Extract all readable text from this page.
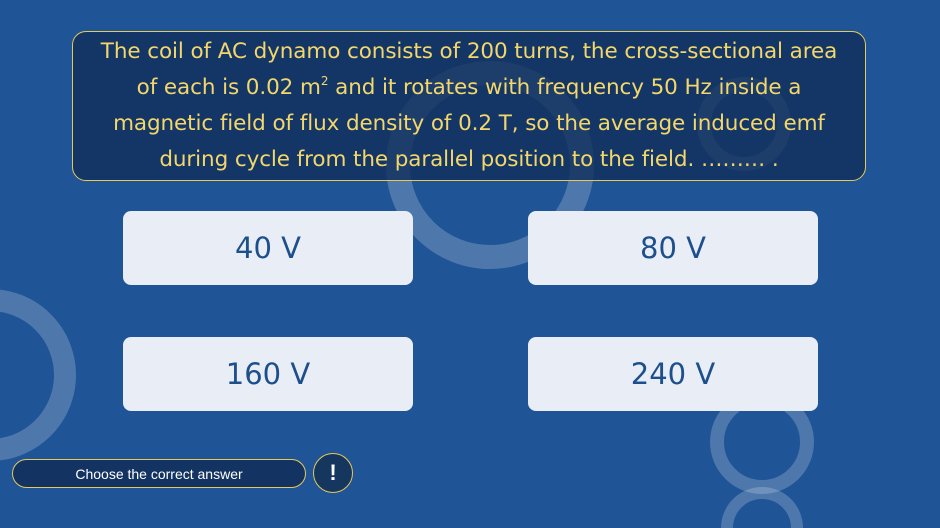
The coil of AC dynamo consists of 200 turns, the cross-sectional area
of each is 0.02 $m^2$ and it rotates with frequency 50 Hz inside a
magnetic field of flux density of 0.2 T, so the average induced emf
during cycle from the parallel position to the field. ……… .

40 V	80 V
160 V	240 V
Choose the correct answer	!
